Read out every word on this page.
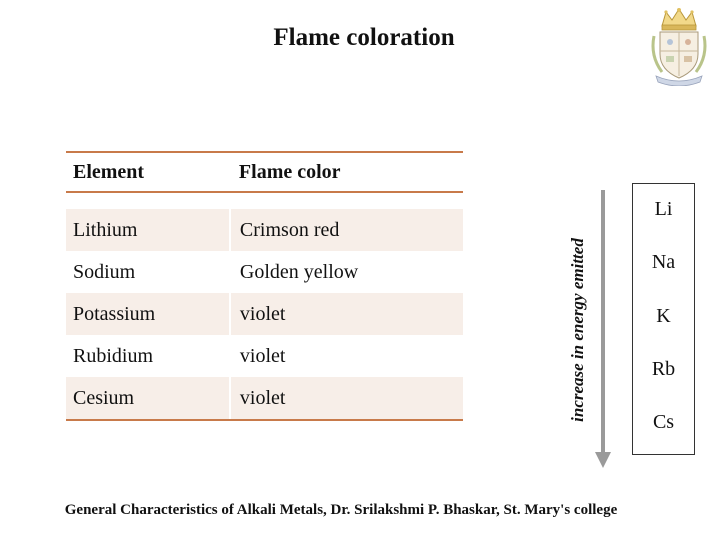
Flame coloration
Element	Flame color

Lithium	Crimson red
Sodium	Golden yellow
Potassium	violet
Rubidium	violet
Cesium	violet	increase in energy emitted
Li
Na
K
Rb
Cs
General Characteristics of Alkali Metals, Dr. Srilakshmi P. Bhaskar, St. Mary's college
